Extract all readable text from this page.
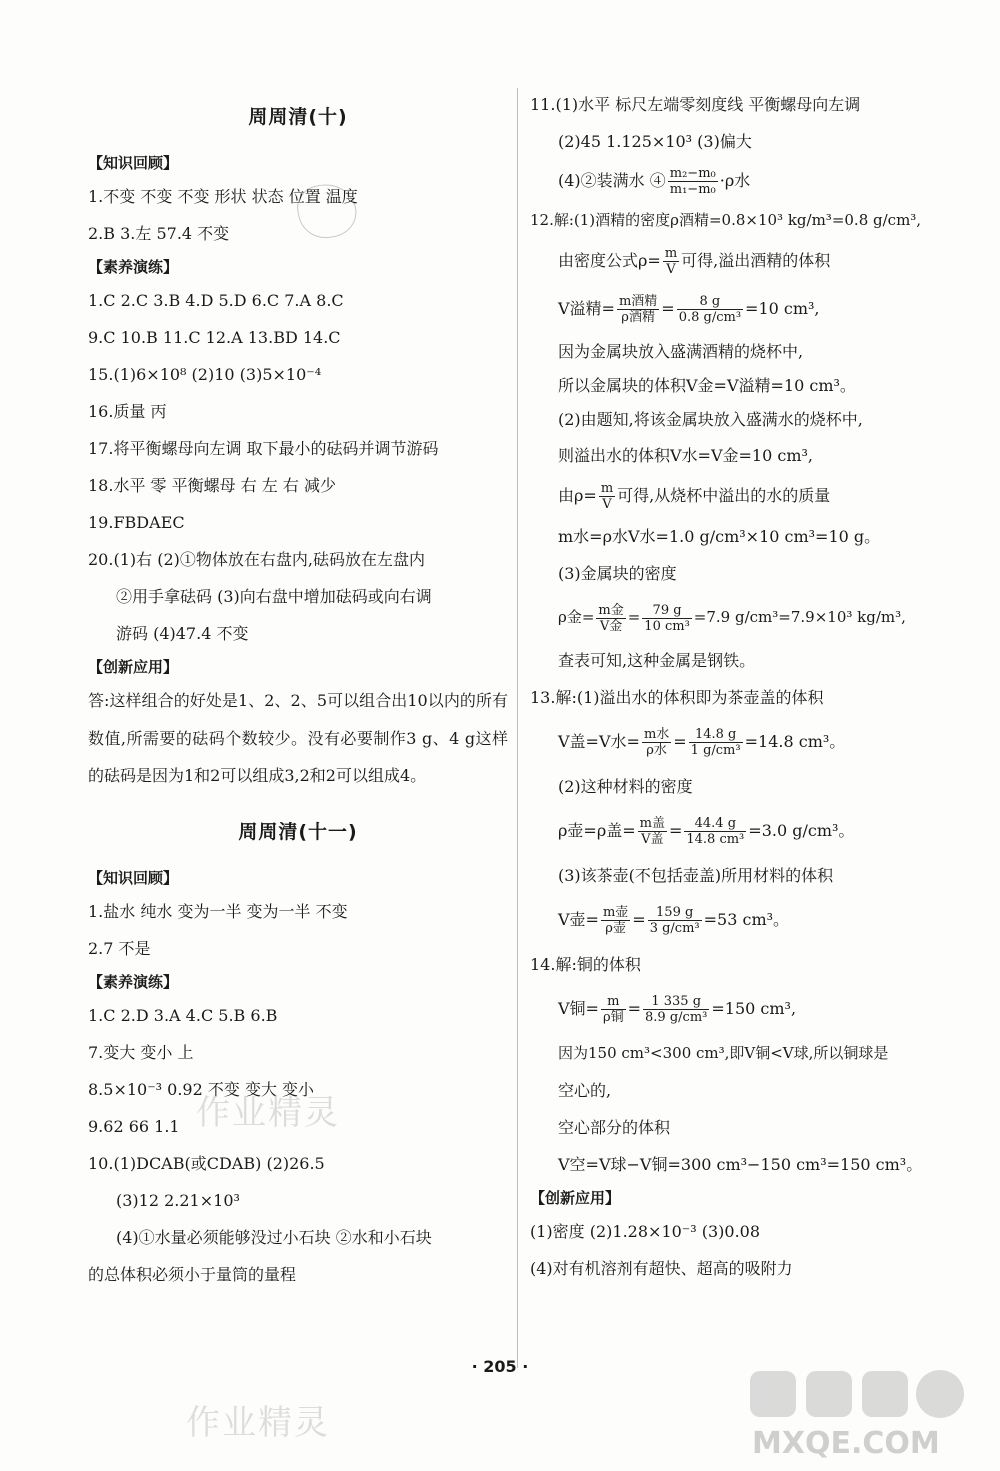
周周清(十)
【知识回顾】
1.不变 不变 不变 形状 状态 位置 温度
2.B 3.左 57.4 不变
【素养演练】
1.C 2.C 3.B 4.D 5.D 6.C 7.A 8.C
9.C 10.B 11.C 12.A 13.BD 14.C
15.(1)6×10⁸ (2)10 (3)5×10⁻⁴
16.质量 丙
17.将平衡螺母向左调 取下最小的砝码并调节游码
18.水平 零 平衡螺母 右 左 右 减少
19.FBDAEC
20.(1)右 (2)①物体放在右盘内,砝码放在左盘内
②用手拿砝码 (3)向右盘中增加砝码或向右调
游码 (4)47.4 不变
【创新应用】
答:这样组合的好处是1、2、2、5可以组合出10以内的所有数值,所需要的砝码个数较少。没有必要制作3 g、4 g这样的砝码是因为1和2可以组成3,2和2可以组成4。
周周清(十一)
【知识回顾】
1.盐水 纯水 变为一半 变为一半 不变
2.7 不是
【素养演练】
1.C 2.D 3.A 4.C 5.B 6.B
7.变大 变小 上
8.5×10⁻³ 0.92 不变 变大 变小
9.62 66 1.1
10.(1)DCAB(或CDAB) (2)26.5
(3)12 2.21×10³
(4)①水量必须能够没过小石块 ②水和小石块
的总体积必须小于量筒的量程
11.(1)水平 标尺左端零刻度线 平衡螺母向左调
(2)45 1.125×10³ (3)偏大
(4)②装满水 ④ $\frac{\text{m₂−m₀}}{\text{m₁−m₀}} \cdot\rho$水
12.解:(1)酒精的密度ρ酒精=0.8×10³ kg/m³=0.8 g/cm³,
由密度公式$\rho= \frac{m}{V}$ 可得,溢出酒精的体积
V溢精= $\frac{\text{m酒精}}{\text{ρ酒精}} = \frac{8 g}{\text{0.8 g/cm³}} =10$ cm³,
因为金属块放入盛满酒精的烧杯中,
所以金属块的体积V金=V溢精=10 cm³。
(2)由题知,将该金属块放入盛满水的烧杯中,
则溢出水的体积V水=V金=10 cm³,
由$\rho= \frac{m}{V}$ 可得,从烧杯中溢出的水的质量
m水=ρ水V水=1.0 g/cm³×10 cm³=10 g。
(3)金属块的密度
ρ金= $\frac{\text{m金}}{\text{V金}} = \frac{79 g}{\text{10 cm³}} =7.9$ g/cm³=7.9×10³ kg/m³,
查表可知,这种金属是钢铁。
13.解:(1)溢出水的体积即为茶壶盖的体积
V盖=V水= $\frac{\text{m水}}{\text{ρ水}} = \frac{14.8 g}{\text{1 g/cm³}} =14.8$ cm³。
(2)这种材料的密度
ρ壶=ρ盖= $\frac{\text{m盖}}{\text{V盖}} = \frac{44.4 g}{\text{14.8 cm³}} =3.0$ g/cm³。
(3)该茶壶(不包括壶盖)所用材料的体积
V壶= $\frac{\text{m壶}}{\text{ρ壶}} = \frac{159 g}{\text{3 g/cm³}} =53$ cm³。
14.解:铜的体积
V铜= $\frac{m}{\text{ρ铜}} = \frac{1 335 g}{\text{8.9 g/cm³}} =150$ cm³,
因为150 cm³<300 cm³,即V铜<V球,所以铜球是
空心的,
空心部分的体积
V空=V球−V铜=300 cm³−150 cm³=150 cm³。
【创新应用】
(1)密度 (2)1.28×10⁻³ (3)0.08
(4)对有机溶剂有超快、超高的吸附力
· 205 ·
作业精灵
作业精灵
MXQE.COM
